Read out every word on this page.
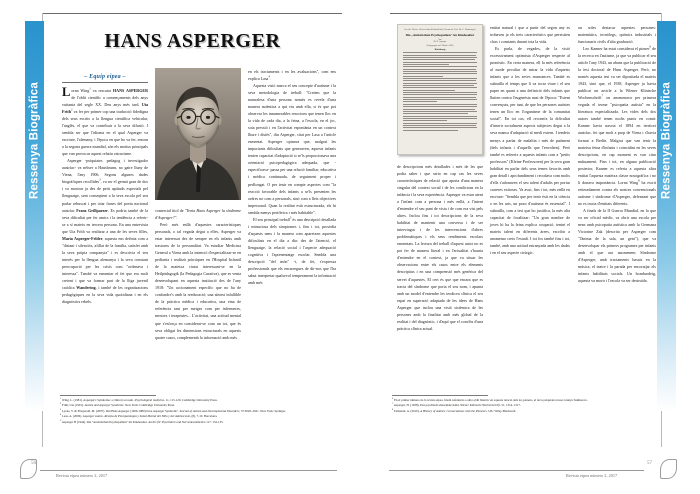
Ressenya Biogràfica	Ressenya Biogràfica
HANS ASPERGER
– Equip eipea –
Aus der Wiener Universitäts-Kinderklinik (Vorstand: Prof. Dr. F. Hamburger)
Die „Autistischen Psychopathen" im Kindesalter
Von
Dr. H. Asperger
(Eingegangen am 8. Oktober 1943)
Einleitung

Lorna Wing$^1$ va rescatar HANS ASPERGER de l'oblit científic a començaments dels anys vuitanta del segle XX. Deu anys més tard, Uta Frith$^2$ va fer per primer cop una traducció fidedigna dels seus escrits a la llengua científica vehicular, l'anglès, el que va contribuir a la seva difusió. I sembla ser que l'idioma en el qual Asperger va escriure, l'alemany, i l'època en que ho va fer, entorn a la segona guerra mundial, són els motius principals que van provocar aquest relatiu ostracisme.

Asperger -psiquiatre, pedagog i investigador austríac- va néixer a Hausbrunn, no gaire lluny de Viena, l'any 1906. Segons algunes dades biogràfiques recollides$^3$, va ser el germà gran de dos i va mostrar ja des de petit aptituds especials pel llenguatge, sent conseqüent a la seva escola pel seu parlar rebuscat i per citar frases del poeta nacional austríac Franz Grillparzer. Es podria també de la seva dificultat per fer amics i la tendència a referir-se a sí mateix en tercera persona. En una entrevista que Uta Frith va realitzar a una de les seves filles, Maria Asperger-Felder, aquesta ens definia com a "distant i silenciós, afillat de la família, satisfet amb la seva pròpia companyia" i es descrivia el seu interès per la llengua alemanya i la seva constant preocupació per les crisis com "ordenava i interessa". També va esmentar el fet que era molt creient i que va formar part de la lliga juvenil catòlica Wandering, i també de les organitzacions pedagògiques en la seva vida quotidiana i en els diagnòstics rebels.

comercial titol de "Tenia Hans Asperger la síndrome d'Asperger?".

Però més enllà d'aquestes característiques personals, o tal vegada degut a elles, Asperger va estar interessat des de sempre en els infants amb trastorns de la personalitat. Va estudiar Medicina General a Viena amb la intenció d'especialitzar-se en pediatria i realitzà pràctiques en l'Hospital Infantil de la mateixa ciutat interessant-se en la Heilpädagogik (la Pedagogia Curativa), que es venia desenvolupant en aquesta institució des de l'any 1918: "Un accionament específic que no ha de confondre's amb la reeducació; una síntesi infallible de la pràctica mèdica i educativa, una eina de referència tant per metges com per infermeres, mestres i terapeutes... L'activitat, una actitud mental que s'esforça en considerar-se com un tot, que és seva obligat les dimensions estructurals en aquests quatre casos, complementà la informació amb més

en els tractaments i en les avaluacions", com ens explica Lasa$^4$.

Aquesta visió marca el seu concepte d'autisme i la seva metodologia de treball: "Creiem que la naturalesa d'una persona només es revela d'una manera autèntica a qui viu amb ella, si és que pot observar les innumerables reaccions que tenen lloc en la vida de cada dia, a la feina, a l'escola, en el joc, sota pressió i en l'activitat espontània en un context lliure i distès", diu Asperger, citat per Lasa a l'article esmentat. Asperger opinava que, malgrat les importants dificultats que generaven, aquests infants tenien capacitat d'adaptació si se'ls proporcionava una orientació psicopedagògica adequada, que -especificava- passa per una relació familiar, educativa i mèdica continuada, de seguiment proper i perllongat. O per tenir en compte aspectes com "la reacció favorable dels infants a se'ls presenten les ordres no com a personals, sinó com a lleis objectives impersonal. Quan la realitat està estructurada, els hi sembla menys perifèrica i més habitable".

El seu principal treball$^5$ és una descripció detallada i minuciosa dels símptomes i, fins i tot, prosòdia d'aquests nens i la manera com apareixen aquestes dificultats en el dia a dia: des de l'atenció, el llenguatge, la relació social i l'aspecte adequació cognitiva i l'aprenentatge escolar. Sembla una descripció "del món" -i, de fet, s'expressa professionals que els encarregues de dir-nos que l'ha sabut interpretar qualsevol temperament la informació amb més

de descripcions més detallades i més de les que podia saber i que seria en cap cas les seves característiques de relació que aporta d'una manera singular del context social i de les condicions en la infància i la seva experiència. Asperger va estar atent a l'infant com a persona i més enllà, a l'intent d'entendre el seu punt de vista i de com era vist pels altres. Inclou fins i tot descripcions de la seva habilitat de mantenir una conversa i de ser intervingut i de les intervencions d'altres problemàtiques i els seus rendiments escolars esmentats. La lectura del treball d'aquest autor no es pot fer de manera literal i en l'actualitat s'hauria d'entendre en el context, ja que va situar les observacions entre els casos entre els elements descriptius i en una comprensió més genèrica del servei d'aquestes. El cert és que que encara que es tracta del síndrome que porta el seu nom, i apunta amb un model d'entendre les teodicea clínica el seu espai en superació adaptada de les idees de Hans Asperger que inclou una visió sistèmica de les persones amb la finalitat amb més global de la realitat i del diagnòstic, i d'aquí que el conclòs d'una pràctica clínica actual.

entitat natural i que a partir del segon any es trobaven ja els trets característics que persistien clars i constants durant tota la vida.

Es parla, de vegades, de la visió excessivament optimista d'Asperger respecte al pronòstic. En certa manera, ell fa més referència al mode peculiar de mirar la vida d'aquests infants que a les seves mancances. També es subratlla el temps que li va tocar viure i el seu paper en quant a una definició dels infants que lluiten contra l'eugenèsia nazi de l'època: "Estem convençuts, per tant, de que les persones autistes tenen un lloc en l'organisme de la comunitat social". En tot cas, ell reconeix la dificultat d'inserir socialment aspects subjectes degut a la seva manca d'adaptació al medi extern. I tendeix menys a parlar de malaltia i més de patiment (dels infants i d'aquells que l'envolten). Però també es refereix a aquests infants com a "petits professors" (Kleine Professoren) per la seva gran habilitat en parlar dels seus temes favorits amb gran detall i aprofundiment i recodava com molts d'ells s'adonaven el seu talent d'adults per portar carreres exitoses. Va avui, fins i tot, més enllà en escriure: "Sembla que per tenir èxit en la ciència o en les arts, un pozo d'autisme és essencial". I subratlla, com a test que ho justifica, la més alta capacitat de focalitzar: "Un gran nombre de joves hi ha la feina explica ocupació, tenint el mateix talent en diferents àrees, escribir a anomenar creix l'estudi. I tot fos també fins i tot, també, amb una actitud estranyada amb les dades i en el seu aspecte cirúrgic.

on soles destacar aquestes persones: matemàtics, tecnòlegs, químics industrials i funcionaris civils d'alta graduació.

Leo Kanner ha estat considerat el pioner$^6$ de la recerca en l'autisme, ja que va publicar el seu article l'any 1943, un abans que la publicació de la tesi doctoral de Hans Asperger. Però, no només aquesta tesi va ser dipositada el mateix 1943, sinó que, el 1938, Asperger ja havia publicat un article a la Wiener Klinische Wochenschrift$^7$ on anomenava per primera vegada el terme "psicopatia autista" en la literatura especialitzada. Les vides dels dos autors també tenen molts punts en comú: Kanner havia nascut el 1894 en territori austríac, fet que molt a prop de Viena i s'havia format a Berlín. Malgrat que van tenir la mateixa feina d'infants i coincidint en les seves descripcions, en cap moment es van citar mútuament. Fins i tot, en alguna publicació posterior, Kanner es referia a aquesta altra entitat l'aquesta mateixa classe nosogràfica i no li donava importància. Lorna Wing$^8$ ha escrit reiteradament contra els nostres convencionals autisme i síndrome d'Asperger, defensant que no es tracta d'entitats diferents.

A finals de la II Guerra Mundial, en la que va ser oficial mèdic, va obrir una escola per nens amb psicopatia autística amb la Germana Victorine Zak (descrita per Asperger com "l'ànima de la sala, un geni"), que va desenvolupar els primers programes per infants amb el que ara anomenem Síndrome d'Asperger, amb tractaments basats en la música, el teatre i la parada per encoratjar els infants habilitats socials. Un bombardeig, aquesta va morir i l'escola va ser destruïda.

$^1$ Wing, L. (1981). Asperger's Syndrome: a clinical account. Psychological medicine, 11, 115-129. Cambridge University Press.
$^2$ Frith, Uta (1991). Autism and Asperger Syndrome. New York: Cambridge University Press.
$^3$ Lyons, V. & Fitzgerald, M. (2007). Did Hans Asperger (1906-1980) have Asperger Syndrom?. Journal of Autism and Developmental Disorders, 37:2020–2021. New York: Springer.
$^4$ Lasa, A. (2006). Asperger vuelve. Revista de Psicopatología y Salud Mental del Niño y del Adolescente, (8), 7-10. Barcelona.
$^5$ Asperger H (1944). Die "Autistischen Psychopathen" im Kindesalter. Archiv für Psychiatrie und Nervenkrankheiten 117: 132-135.
$^6$ En el primer número de la revista eipea, fèiem referència a altre oblit històric en aquesta relació dels los pioners, el de la psiquiatra russa Grunya Sukhareva.
$^7$ Asperger, H. (1938). Das psychisch abnormale Kind. Wiener Klinische Wochenschrift, 51, 1314–1317.
$^8$ Feinstein, A. (2010). A History of Autism: Conversations with the Pioneers. UK: Wiley-Blackwell.
Revista eipea número 2, 2017	Revista eipea número 2, 2017
56	57
